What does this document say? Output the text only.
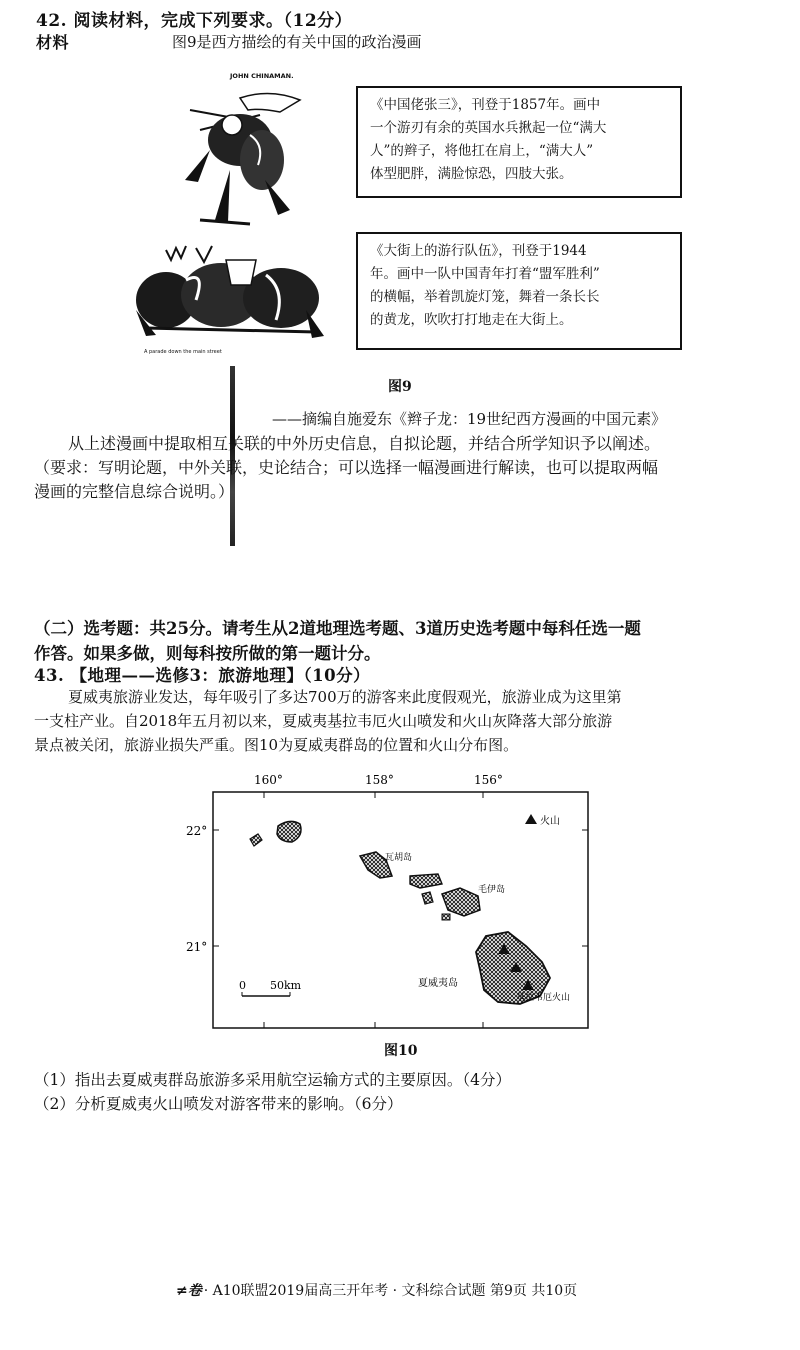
42. 阅读材料，完成下列要求。（12分）
材料	图9是西方描绘的有关中国的政治漫画
JOHN CHINAMAN.
《中国佬张三》，刊登于1857年。画中
一个游刃有余的英国水兵揪起一位“满大
人”的辫子，将他扛在肩上，“满大人”
体型肥胖，满脸惊恐，四肢大张。
A parade down the main street
《大街上的游行队伍》，刊登于1944
年。画中一队中国青年打着“盟军胜利”
的横幅，举着凯旋灯笼，舞着一条长长
的黄龙，吹吹打打地走在大街上。
图9
——摘编自施爱东《辫子龙：19世纪西方漫画的中国元素》
从上述漫画中提取相互关联的中外历史信息，自拟论题，并结合所学知识予以阐述。
（要求：写明论题，中外关联，史论结合；可以选择一幅漫画进行解读，也可以提取两幅
漫画的完整信息综合说明。）
（二）选考题：共25分。请考生从2道地理选考题、3道历史选考题中每科任选一题
作答。如果多做，则每科按所做的第一题计分。
43. 【地理——选修3：旅游地理】（10分）
夏威夷旅游业发达，每年吸引了多达700万的游客来此度假观光，旅游业成为这里第
一支柱产业。自2018年五月初以来，夏威夷基拉韦厄火山喷发和火山灰降落大部分旅游
景点被关闭，旅游业损失严重。图10为夏威夷群岛的位置和火山分布图。
160°	158°	156°
22°
21°
火山
瓦胡岛
毛伊岛
夏威夷岛
基拉韦厄火山
0 50km
图10
（1）指出去夏威夷群岛旅游多采用航空运输方式的主要原因。（4分）
（2）分析夏威夷火山喷发对游客带来的影响。（6分）
≠卷 · A10联盟2019届高三开年考 · 文科综合试题 第9页 共10页
